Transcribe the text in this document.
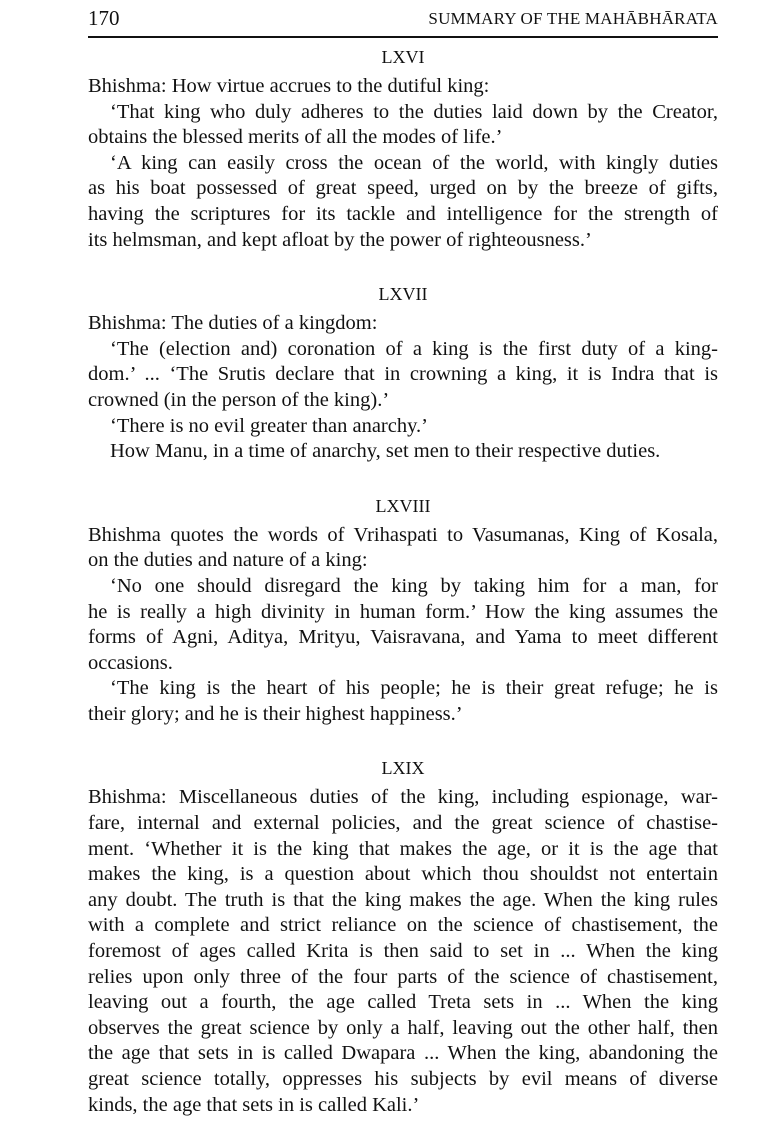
170	SUMMARY OF THE MAHĀBHĀRATA
LXVI

Bhishma: How virtue accrues to the dutiful king:

‘That king who duly adheres to the duties laid down by the Creator,
obtains the blessed merits of all the modes of life.’

‘A king can easily cross the ocean of the world, with kingly duties
as his boat possessed of great speed, urged on by the breeze of gifts,
having the scriptures for its tackle and intelligence for the strength of
its helmsman, and kept afloat by the power of righteousness.’

LXVII

Bhishma: The duties of a kingdom:

‘The (election and) coronation of a king is the first duty of a king-
dom.’ ... ‘The Srutis declare that in crowning a king, it is Indra that is
crowned (in the person of the king).’

‘There is no evil greater than anarchy.’

How Manu, in a time of anarchy, set men to their respective duties.

LXVIII

Bhishma quotes the words of Vrihaspati to Vasumanas, King of Kosala,
on the duties and nature of a king:

‘No one should disregard the king by taking him for a man, for
he is really a high divinity in human form.’ How the king assumes the
forms of Agni, Aditya, Mrityu, Vaisravana, and Yama to meet different
occasions.

‘The king is the heart of his people; he is their great refuge; he is
their glory; and he is their highest happiness.’

LXIX

Bhishma: Miscellaneous duties of the king, including espionage, war-
fare, internal and external policies, and the great science of chastise-
ment. ‘Whether it is the king that makes the age, or it is the age that
makes the king, is a question about which thou shouldst not entertain
any doubt. The truth is that the king makes the age. When the king rules
with a complete and strict reliance on the science of chastisement, the
foremost of ages called Krita is then said to set in ... When the king
relies upon only three of the four parts of the science of chastisement,
leaving out a fourth, the age called Treta sets in ... When the king
observes the great science by only a half, leaving out the other half, then
the age that sets in is called Dwapara ... When the king, abandoning the
great science totally, oppresses his subjects by evil means of diverse
kinds, the age that sets in is called Kali.’
